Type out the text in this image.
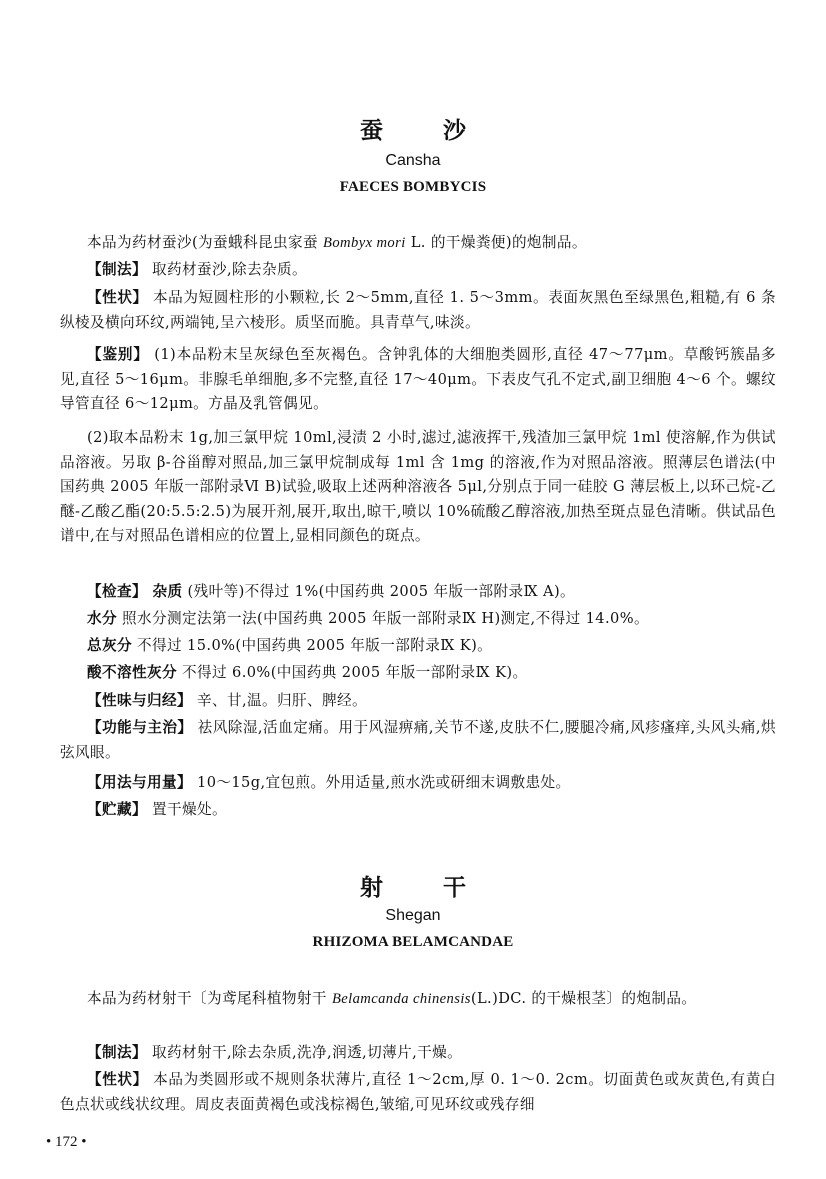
蚕 沙
Cansha
FAECES BOMBYCIS
本品为药材蚕沙(为蚕蛾科昆虫家蚕 Bombyx mori L. 的干燥粪便)的炮制品。
【制法】 取药材蚕沙,除去杂质。
【性状】 本品为短圆柱形的小颗粒,长 2～5mm,直径 1. 5～3mm。表面灰黑色至绿黑色,粗糙,有 6 条纵棱及横向环纹,两端钝,呈六棱形。质坚而脆。具青草气,味淡。
【鉴别】 (1)本品粉末呈灰绿色至灰褐色。含钟乳体的大细胞类圆形,直径 47～77μm。草酸钙簇晶多见,直径 5～16μm。非腺毛单细胞,多不完整,直径 17～40μm。下表皮气孔不定式,副卫细胞 4～6 个。螺纹导管直径 6～12μm。方晶及乳管偶见。
(2)取本品粉末 1g,加三氯甲烷 10ml,浸渍 2 小时,滤过,滤液挥干,残渣加三氯甲烷 1ml 使溶解,作为供试品溶液。另取 β-谷甾醇对照品,加三氯甲烷制成每 1ml 含 1mg 的溶液,作为对照品溶液。照薄层色谱法(中国药典 2005 年版一部附录Ⅵ B)试验,吸取上述两种溶液各 5μl,分别点于同一硅胶 G 薄层板上,以环己烷-乙醚-乙酸乙酯(20:5.5:2.5)为展开剂,展开,取出,晾干,喷以 10%硫酸乙醇溶液,加热至斑点显色清晰。供试品色谱中,在与对照品色谱相应的位置上,显相同颜色的斑点。
【检查】 杂质 (残叶等)不得过 1%(中国药典 2005 年版一部附录Ⅸ A)。
水分 照水分测定法第一法(中国药典 2005 年版一部附录Ⅸ H)测定,不得过 14.0%。
总灰分 不得过 15.0%(中国药典 2005 年版一部附录Ⅸ K)。
酸不溶性灰分 不得过 6.0%(中国药典 2005 年版一部附录Ⅸ K)。
【性味与归经】 辛、甘,温。归肝、脾经。
【功能与主治】 祛风除湿,活血定痛。用于风湿痹痛,关节不遂,皮肤不仁,腰腿冷痛,风疹瘙痒,头风头痛,烘弦风眼。
【用法与用量】 10～15g,宜包煎。外用适量,煎水洗或研细末调敷患处。
【贮藏】 置干燥处。
射 干
Shegan
RHIZOMA BELAMCANDAE
本品为药材射干〔为鸢尾科植物射干 Belamcanda chinensis(L.)DC. 的干燥根茎〕的炮制品。
【制法】 取药材射干,除去杂质,洗净,润透,切薄片,干燥。
【性状】 本品为类圆形或不规则条状薄片,直径 1～2cm,厚 0. 1～0. 2cm。切面黄色或灰黄色,有黄白色点状或线状纹理。周皮表面黄褐色或浅棕褐色,皱缩,可见环纹或残存细
• 172 •
